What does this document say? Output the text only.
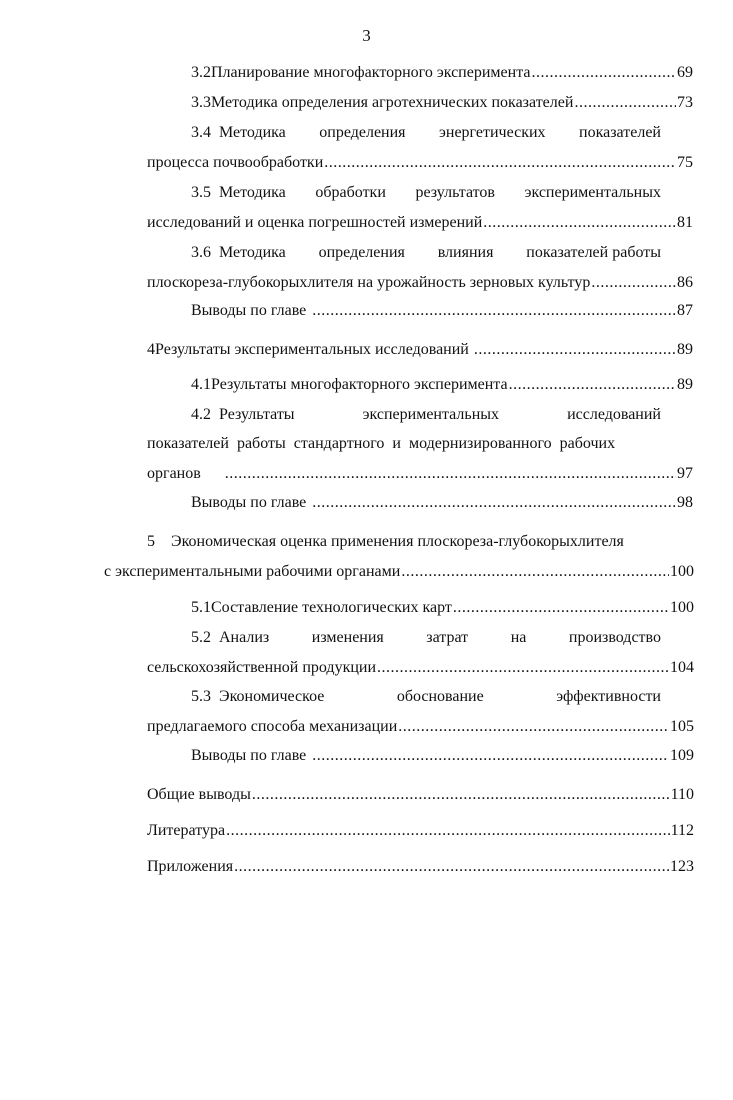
3
3.2 Планирование многофакторного эксперимента .....	69
3.3 Методика определения агротехнических показателей .....	73
3.4 Методика определения энергетических показателей
процесса почвообработки .....	75
3.5 Методика обработки результатов экспериментальных
исследований и оценка погрешностей измерений .....	81
3.6 Методика определения влияния показателей работы
плоскореза-глубокорыхлителя на урожайность зерновых культур .....	86
Выводы по главе .....	87
4 Результаты экспериментальных исследований .....	89
4.1 Результаты многофакторного эксперимента .....	89
4.2 Результаты	экспериментальных	исследований
показателей работы стандартного и модернизированного рабочих
органов .....	97
Выводы по главе .....	98
5	Экономическая оценка применения плоскореза-глубокорыхлителя
с экспериментальными рабочими органами .....	100
5.1 Составление технологических карт .....	100
5.2 Анализ	изменения	затрат	на	производство
сельскохозяйственной продукции .....	104
5.3 Экономическое	обоснование	эффективности
предлагаемого способа механизации .....	105
Выводы по главе .....	109
Общие выводы .....	110
Литература .....	112
Приложения .....	123
